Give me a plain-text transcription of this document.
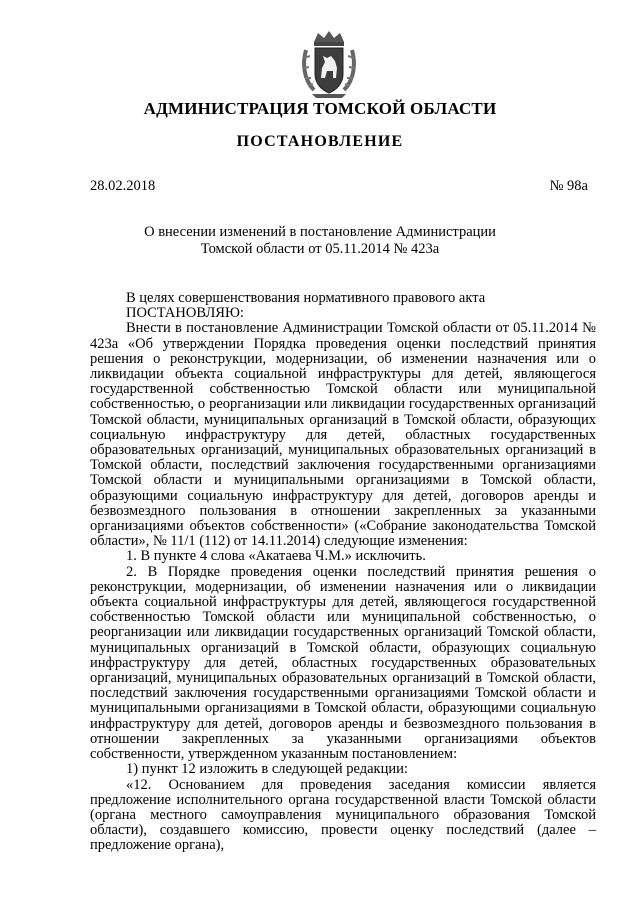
АДМИНИСТРАЦИЯ ТОМСКОЙ ОБЛАСТИ
ПОСТАНОВЛЕНИЕ
28.02.2018	№ 98а
О внесении изменений в постановление Администрации
Томской области от 05.11.2014 № 423а

В целях совершенствования нормативного правового акта

ПОСТАНОВЛЯЮ:

Внести в постановление Администрации Томской области от 05.11.2014 № 423а «Об утверждении Порядка проведения оценки последствий принятия решения о реконструкции, модернизации, об изменении назначения или о ликвидации объекта социальной инфраструктуры для детей, являющегося государственной собственностью Томской области или муниципальной собственностью, о реорганизации или ликвидации государственных организаций Томской области, муниципальных организаций в Томской области, образующих социальную инфраструктуру для детей, областных государственных образовательных организаций, муниципальных образовательных организаций в Томской области, последствий заключения государственными организациями Томской области и муниципальными организациями в Томской области, образующими социальную инфраструктуру для детей, договоров аренды и безвозмездного пользования в отношении закрепленных за указанными организациями объектов собственности» («Собрание законодательства Томской области», № 11/1 (112) от 14.11.2014) следующие изменения:

1. В пункте 4 слова «Акатаева Ч.М.» исключить.

2. В Порядке проведения оценки последствий принятия решения о реконструкции, модернизации, об изменении назначения или о ликвидации объекта социальной инфраструктуры для детей, являющегося государственной собственностью Томской области или муниципальной собственностью, о реорганизации или ликвидации государственных организаций Томской области, муниципальных организаций в Томской области, образующих социальную инфраструктуру для детей, областных государственных образовательных организаций, муниципальных образовательных организаций в Томской области, последствий заключения государственными организациями Томской области и муниципальными организациями в Томской области, образующими социальную инфраструктуру для детей, договоров аренды и безвозмездного пользования в отношении закрепленных за указанными организациями объектов собственности, утвержденном указанным постановлением:

1) пункт 12 изложить в следующей редакции:

«12. Основанием для проведения заседания комиссии является предложение исполнительного органа государственной власти Томской области (органа местного самоуправления муниципального образования Томской области), создавшего комиссию, провести оценку последствий (далее – предложение органа),
